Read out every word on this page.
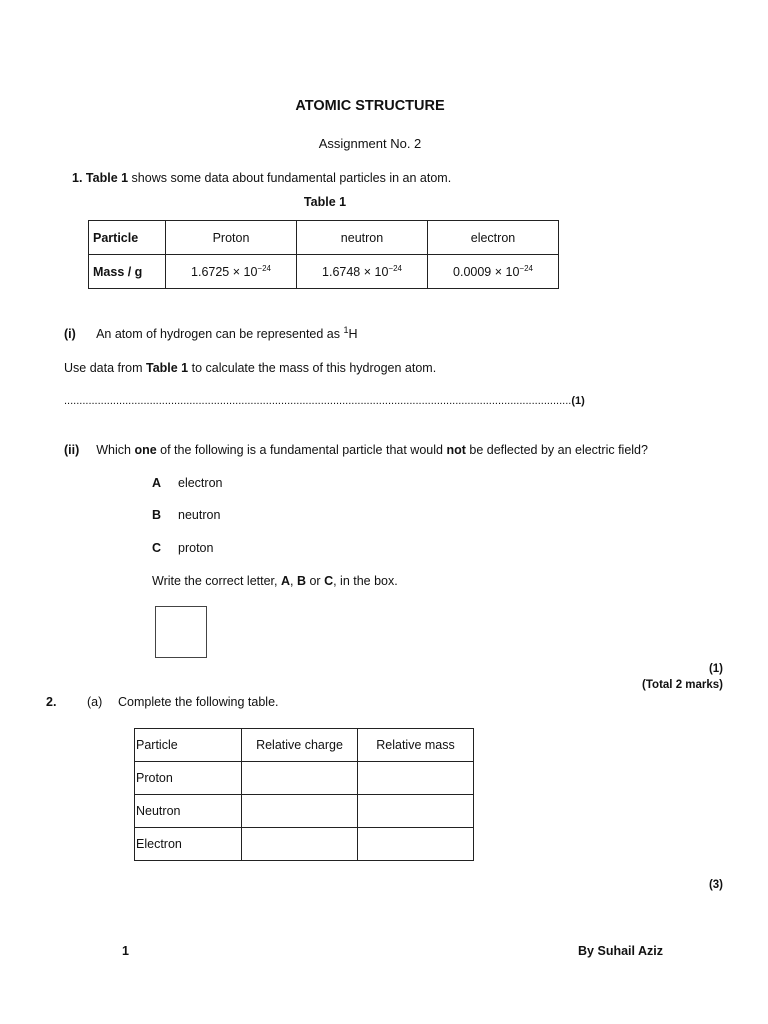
ATOMIC STRUCTURE
Assignment No. 2
1. Table 1 shows some data about fundamental particles in an atom.
Table 1
Particle	Proton	neutron	electron
Mass / g	$1.6725 \times 10^{-24}$	$1.6748 \times 10^{-24}$	$0.0009 \times 10^{-24}$
(i) An atom of hydrogen can be represented as $^1$H
Use data from Table 1 to calculate the mass of this hydrogen atom.
......................................................................................................................................................................(1)
(ii) Which one of the following is a fundamental particle that would not be deflected by an electric field?
A electron
B neutron
C proton
Write the correct letter, A, B or C, in the box.
(1)
(Total 2 marks)
2. (a) Complete the following table.
Particle	Relative charge	Relative mass
Proton		
Neutron		
Electron		
(3)
1	By Suhail Aziz
